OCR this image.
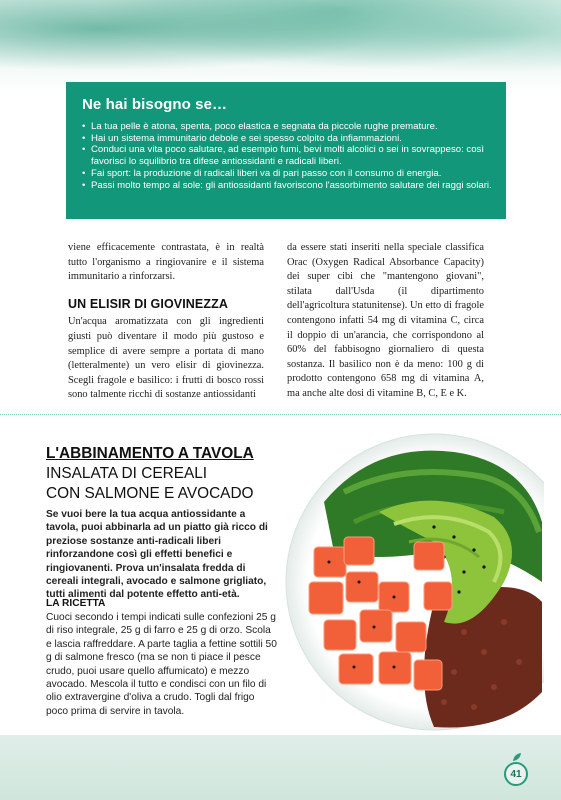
Ne hai bisogno se…
• La tua pelle è atona, spenta, poco elastica e segnata da piccole rughe premature.
• Hai un sistema immunitario debole e sei spesso colpito da infiammazioni.
• Conduci una vita poco salutare, ad esempio fumi, bevi molti alcolici o sei in sovrappeso: così favorisci lo squilibrio tra difese antiossidanti e radicali liberi.
• Fai sport: la produzione di radicali liberi va di pari passo con il consumo di energia.
• Passi molto tempo al sole: gli antiossidanti favoriscono l'assorbimento salutare dei raggi solari.

viene efficacemente contrastata, è in realtà tutto l'organismo a ringiovanire e il sistema immunitario a rinforzarsi.

UN ELISIR DI GIOVINEZZA

Un'acqua aromatizzata con gli ingredienti giusti può diventare il modo più gustoso e semplice di avere sempre a portata di mano (letteralmente) un vero elisir di giovinezza. Scegli fragole e basilico: i frutti di bosco rossi sono talmente ricchi di sostanze antiossidanti

da essere stati inseriti nella speciale classifica Orac (Oxygen Radical Absorbance Capacity) dei super cibi che "mantengono giovani", stilata dall'Usda (il dipartimento dell'agricoltura statunitense). Un etto di fragole contengono infatti 54 mg di vitamina C, circa il doppio di un'arancia, che corrispondono al 60% del fabbisogno giornaliero di questa sostanza. Il basilico non è da meno: 100 g di prodotto contengono 658 mg di vitamina A, ma anche alte dosi di vitamine B, C, E e K.

L'ABBINAMENTO A TAVOLA
INSALATA DI CEREALI
CON SALMONE E AVOCADO
Se vuoi bere la tua acqua antiossidante a tavola, puoi abbinarla ad un piatto già ricco di preziose sostanze anti-radicali liberi rinforzandone così gli effetti benefici e ringiovanenti. Prova un'insalata fredda di cereali integrali, avocado e salmone grigliato, tutti alimenti dal potente effetto anti-età.
LA RICETTA
Cuoci secondo i tempi indicati sulle confezioni 25 g di riso integrale, 25 g di farro e 25 g di orzo. Scola e lascia raffreddare. A parte taglia a fettine sottili 50 g di salmone fresco (ma se non ti piace il pesce crudo, puoi usare quello affumicato) e mezzo avocado. Mescola il tutto e condisci con un filo di olio extravergine d'oliva a crudo. Togli dal frigo poco prima di servire in tavola.
41
